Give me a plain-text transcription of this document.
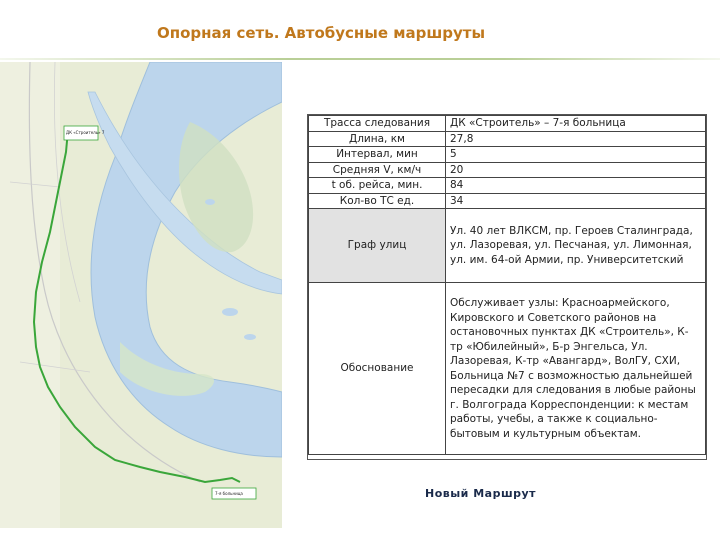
Опорная сеть. Автобусные маршруты
ДК «Строитель» 7
7-я больница
Трасса следования	ДК «Строитель» – 7-я больница
Длина, км	27,8
Интервал, мин	5
Средняя V, км/ч	20
t об. рейса, мин.	84
Кол-во ТС ед.	34
Граф улиц	Ул. 40 лет ВЛКСМ, пр. Героев Сталинграда, ул. Лазоревая, ул. Песчаная, ул. Лимонная, ул. им. 64-ой Армии, пр. Университетский
Обоснование	Обслуживает узлы: Красноармейского, Кировского и Советского районов на остановочных пунктах ДК «Строитель», К-тр «Юбилейный», Б-р Энгельса, Ул. Лазоревая, К-тр «Авангард», ВолГУ, СХИ, Больница №7 с возможностью дальнейшей пересадки для следования в любые районы г. Волгограда Корреспонденции: к местам работы, учебы, а также к социально-бытовым и культурным объектам.
Новый Маршрут
